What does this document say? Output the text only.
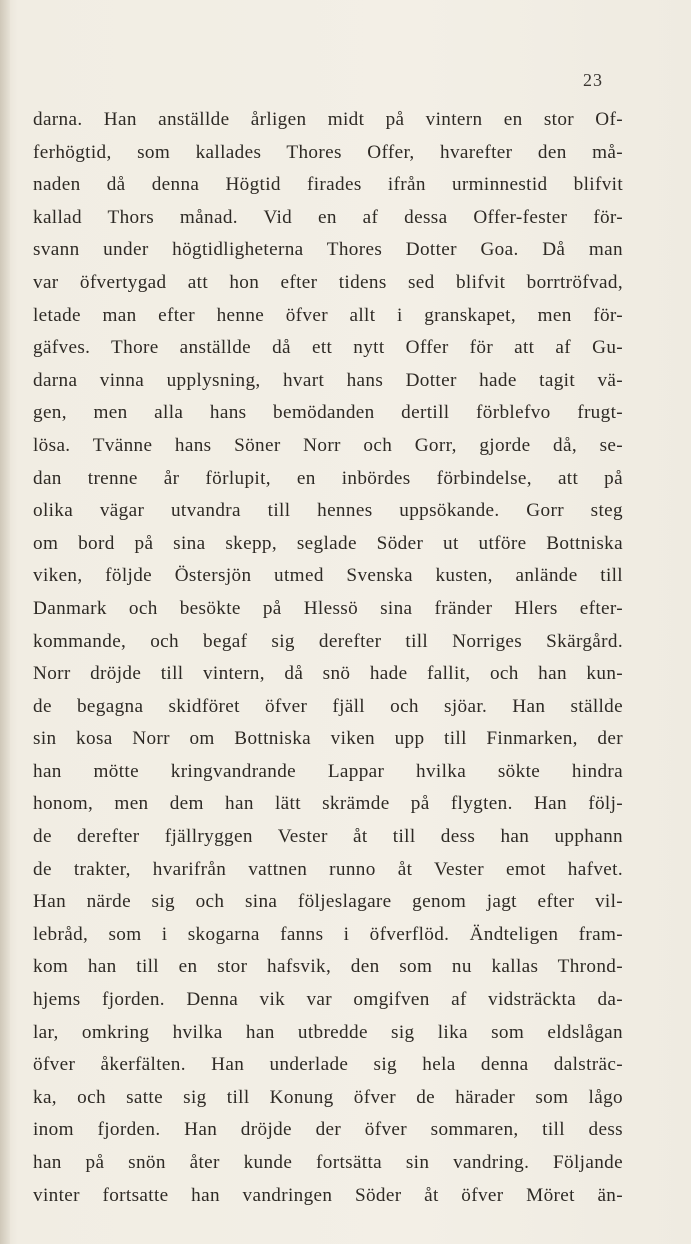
23
darna. Han anställde årligen midt på vintern en stor Of-
ferhögtid, som kallades Thores Offer, hvarefter den må-
naden då denna Högtid firades ifrån urminnestid blifvit
kallad Thors månad. Vid en af dessa Offer-fester för-
svann under högtidligheterna Thores Dotter Goa. Då man
var öfvertygad att hon efter tidens sed blifvit borrtröfvad,
letade man efter henne öfver allt i granskapet, men för-
gäfves. Thore anställde då ett nytt Offer för att af Gu-
darna vinna upplysning, hvart hans Dotter hade tagit vä-
gen, men alla hans bemödanden dertill förblefvo frugt-
lösa. Tvänne hans Söner Norr och Gorr, gjorde då, se-
dan trenne år förlupit, en inbördes förbindelse, att på
olika vägar utvandra till hennes uppsökande. Gorr steg
om bord på sina skepp, seglade Söder ut utföre Bottniska
viken, följde Östersjön utmed Svenska kusten, anlände till
Danmark och besökte på Hlessö sina fränder Hlers efter-
kommande, och begaf sig derefter till Norriges Skärgård.
Norr dröjde till vintern, då snö hade fallit, och han kun-
de begagna skidföret öfver fjäll och sjöar. Han ställde
sin kosa Norr om Bottniska viken upp till Finmarken, der
han mötte kringvandrande Lappar hvilka sökte hindra
honom, men dem han lätt skrämde på flygten. Han följ-
de derefter fjällryggen Vester åt till dess han upphann
de trakter, hvarifrån vattnen runno åt Vester emot hafvet.
Han närde sig och sina följeslagare genom jagt efter vil-
lebråd, som i skogarna fanns i öfverflöd. Ändteligen fram-
kom han till en stor hafsvik, den som nu kallas Thrond-
hjems fjorden. Denna vik var omgifven af vidsträckta da-
lar, omkring hvilka han utbredde sig lika som eldslågan
öfver åkerfälten. Han underlade sig hela denna dalsträc-
ka, och satte sig till Konung öfver de härader som lågo
inom fjorden. Han dröjde der öfver sommaren, till dess
han på snön åter kunde fortsätta sin vandring. Följande
vinter fortsatte han vandringen Söder åt öfver Möret än-
